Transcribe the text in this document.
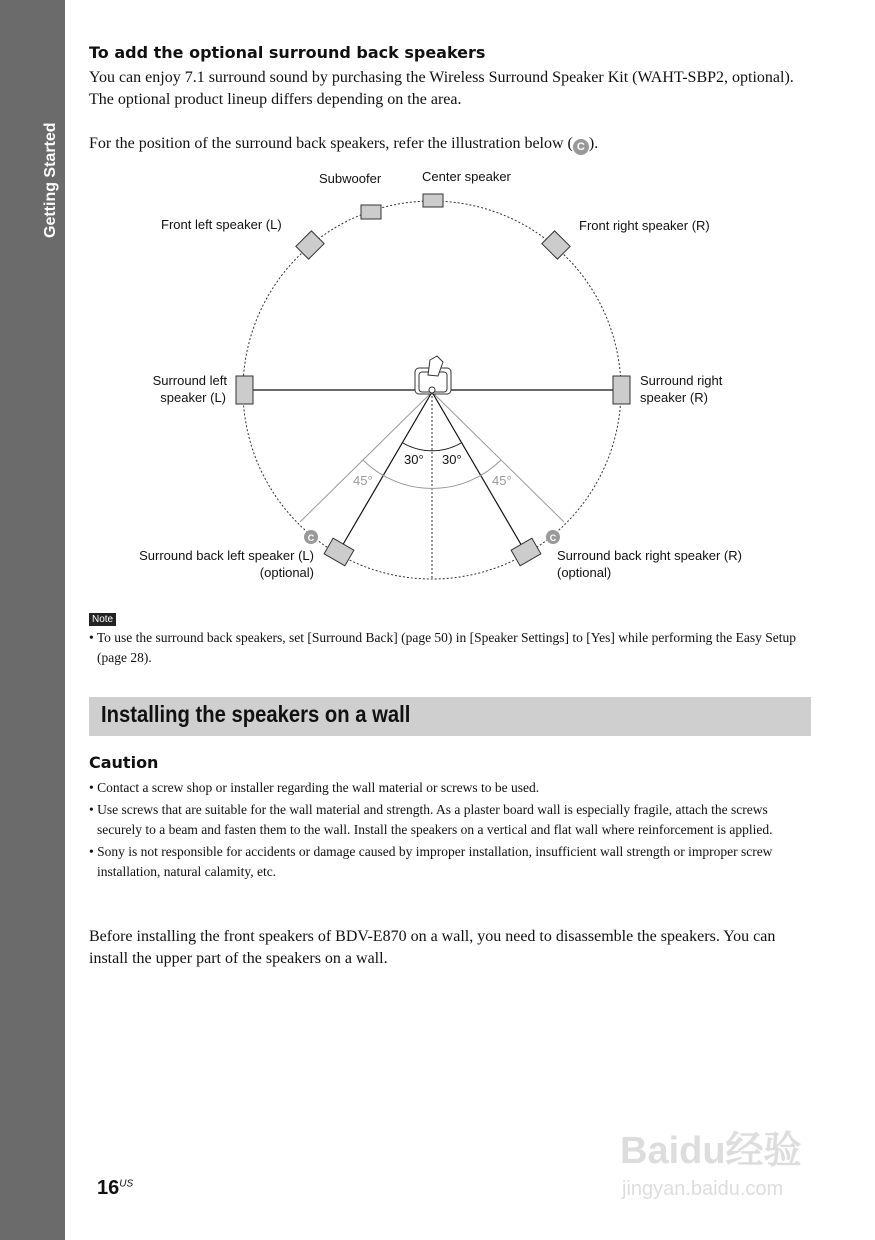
Getting Started
To add the optional surround back speakers
You can enjoy 7.1 surround sound by purchasing the Wireless Surround Speaker Kit (WAHT-SBP2, optional). The optional product lineup differs depending on the area.
For the position of the surround back speakers, refer the illustration below ( C ).
C	C
Subwoofer	Center speaker
Front left speaker (L)	Front right speaker (R)
Surround left
speaker (L)
Surround right
speaker (R)
30° 30°
45°	45°
Surround back left speaker (L)
(optional)
Surround back right speaker (R)
(optional)
Note
• To use the surround back speakers, set [Surround Back] (page 50) in [Speaker Settings] to [Yes] while performing the Easy Setup (page 28).
Installing the speakers on a wall
Caution
• Contact a screw shop or installer regarding the wall material or screws to be used.
• Use screws that are suitable for the wall material and strength. As a plaster board wall is especially fragile, attach the screws securely to a beam and fasten them to the wall. Install the speakers on a vertical and flat wall where reinforcement is applied.
• Sony is not responsible for accidents or damage caused by improper installation, insufficient wall strength or improper screw installation, natural calamity, etc.
Before installing the front speakers of BDV-E870 on a wall, you need to disassemble the speakers. You can install the upper part of the speakers on a wall.
Baidu经验
jingyan.baidu.com
$16^{US}$
